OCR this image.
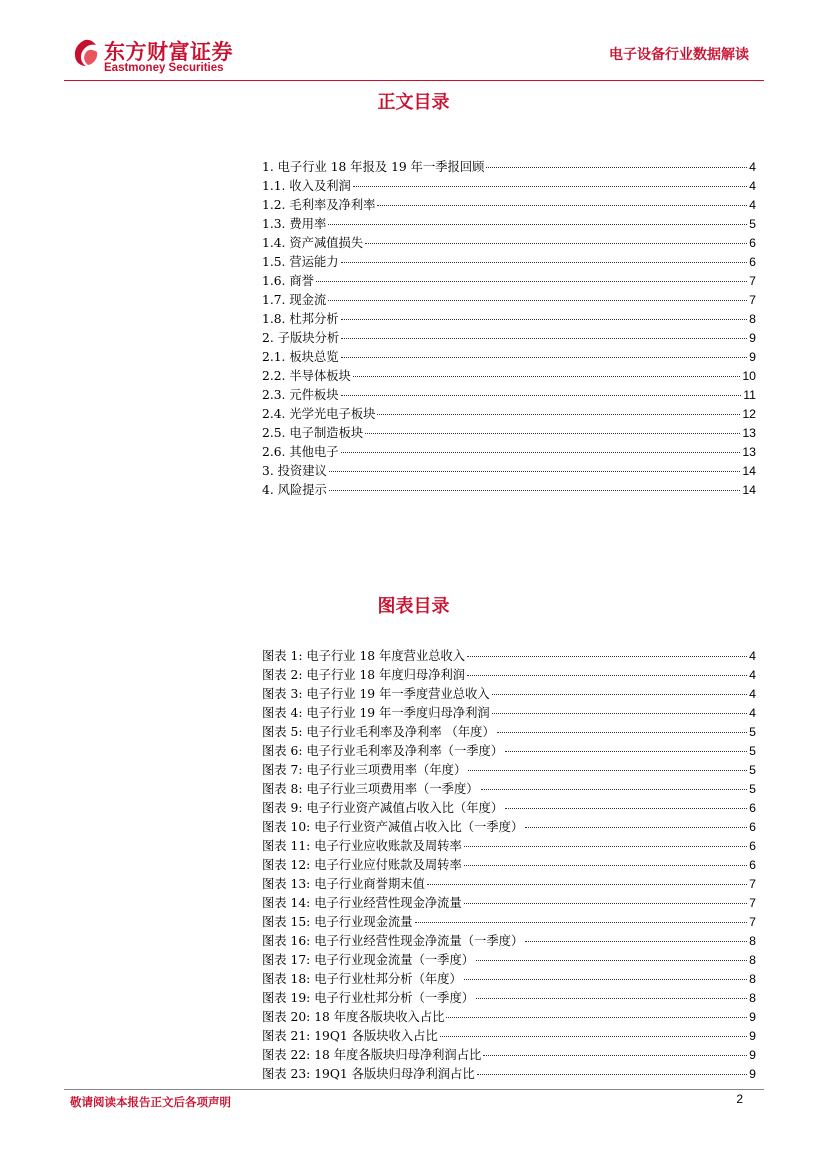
东方财富证券
Eastmoney Securities
电子设备行业数据解读
正文目录
1. 电子行业 18 年报及 19 年一季报回顾	4
1.1. 收入及利润	4
1.2. 毛利率及净利率	4
1.3. 费用率	5
1.4. 资产减值损失	6
1.5. 营运能力	6
1.6. 商誉	7
1.7. 现金流	7
1.8. 杜邦分析	8
2. 子版块分析	9
2.1. 板块总览	9
2.2. 半导体板块	10
2.3. 元件板块	11
2.4. 光学光电子板块	12
2.5. 电子制造板块	13
2.6. 其他电子	13
3. 投资建议	14
4. 风险提示	14
图表目录
图表 1: 电子行业 18 年度营业总收入	4
图表 2: 电子行业 18 年度归母净利润	4
图表 3: 电子行业 19 年一季度营业总收入	4
图表 4: 电子行业 19 年一季度归母净利润	4
图表 5: 电子行业毛利率及净利率 （年度）	5
图表 6: 电子行业毛利率及净利率（一季度）	5
图表 7: 电子行业三项费用率（年度）	5
图表 8: 电子行业三项费用率（一季度）	5
图表 9: 电子行业资产减值占收入比（年度）	6
图表 10: 电子行业资产减值占收入比（一季度）	6
图表 11: 电子行业应收账款及周转率	6
图表 12: 电子行业应付账款及周转率	6
图表 13: 电子行业商誉期末值	7
图表 14: 电子行业经营性现金净流量	7
图表 15: 电子行业现金流量	7
图表 16: 电子行业经营性现金净流量（一季度）	8
图表 17: 电子行业现金流量（一季度）	8
图表 18: 电子行业杜邦分析（年度）	8
图表 19: 电子行业杜邦分析（一季度）	8
图表 20: 18 年度各版块收入占比	9
图表 21: 19Q1 各版块收入占比	9
图表 22: 18 年度各版块归母净利润占比	9
图表 23: 19Q1 各版块归母净利润占比	9
敬请阅读本报告正文后各项声明	2
